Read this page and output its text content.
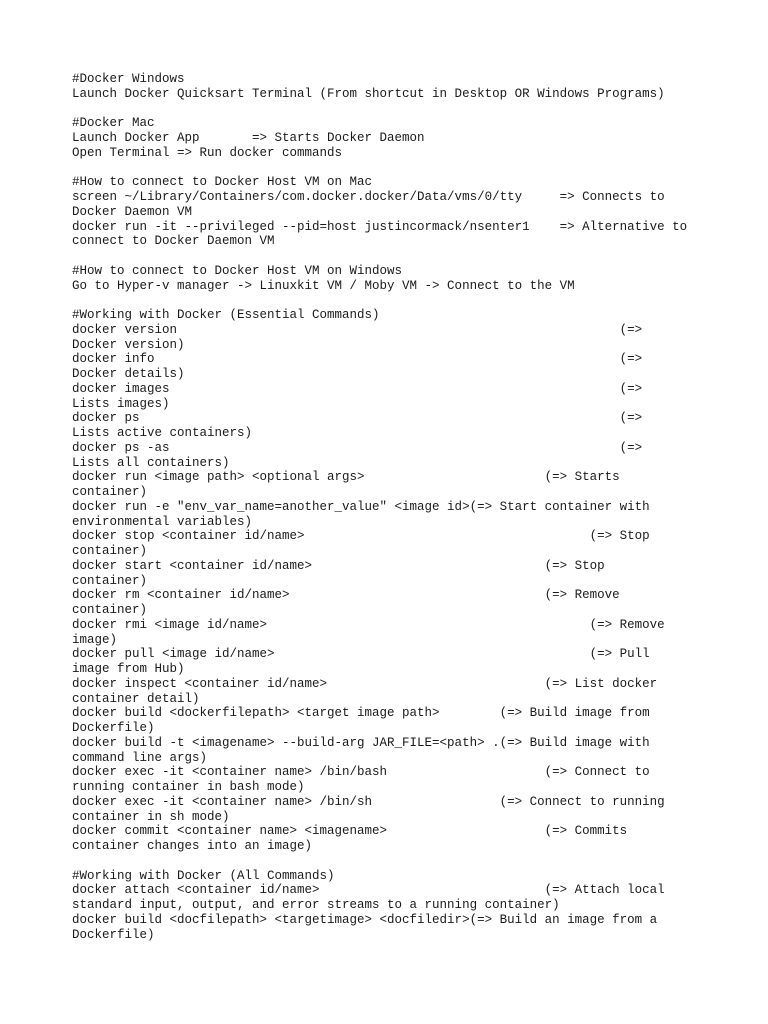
#Docker Windows
Launch Docker Quicksart Terminal (From shortcut in Desktop OR Windows Programs)
#Docker Mac
Launch Docker App       => Starts Docker Daemon
Open Terminal => Run docker commands
#How to connect to Docker Host VM on Mac
screen ~/Library/Containers/com.docker.docker/Data/vms/0/tty     => Connects to
Docker Daemon VM
docker run -it --privileged --pid=host justincormack/nsenter1    => Alternative to
connect to Docker Daemon VM
#How to connect to Docker Host VM on Windows
Go to Hyper-v manager -> Linuxkit VM / Moby VM -> Connect to the VM
#Working with Docker (Essential Commands)
docker version                                                           (=>
Docker version)
docker info                                                              (=>
Docker details)
docker images                                                            (=>
Lists images)
docker ps                                                                (=>
Lists active containers)
docker ps -as                                                            (=>
Lists all containers)
docker run <image path> <optional args>                        (=> Starts
container)
docker run -e "env_var_name=another_value" <image id>(=> Start container with
environmental variables)
docker stop <container id/name>                                      (=> Stop
container)
docker start <container id/name>                               (=> Stop
container)
docker rm <container id/name>                                  (=> Remove
container)
docker rmi <image id/name>                                           (=> Remove
image)
docker pull <image id/name>                                          (=> Pull
image from Hub)
docker inspect <container id/name>                             (=> List docker
container detail)
docker build <dockerfilepath> <target image path>        (=> Build image from
Dockerfile)
docker build -t <imagename> --build-arg JAR_FILE=<path> .(=> Build image with
command line args)
docker exec -it <container name> /bin/bash                     (=> Connect to
running container in bash mode)
docker exec -it <container name> /bin/sh                 (=> Connect to running
container in sh mode)
docker commit <container name> <imagename>                     (=> Commits
container changes into an image)
#Working with Docker (All Commands)
docker attach <container id/name>                              (=> Attach local
standard input, output, and error streams to a running container)
docker build <docfilepath> <targetimage> <docfiledir>(=> Build an image from a
Dockerfile)
